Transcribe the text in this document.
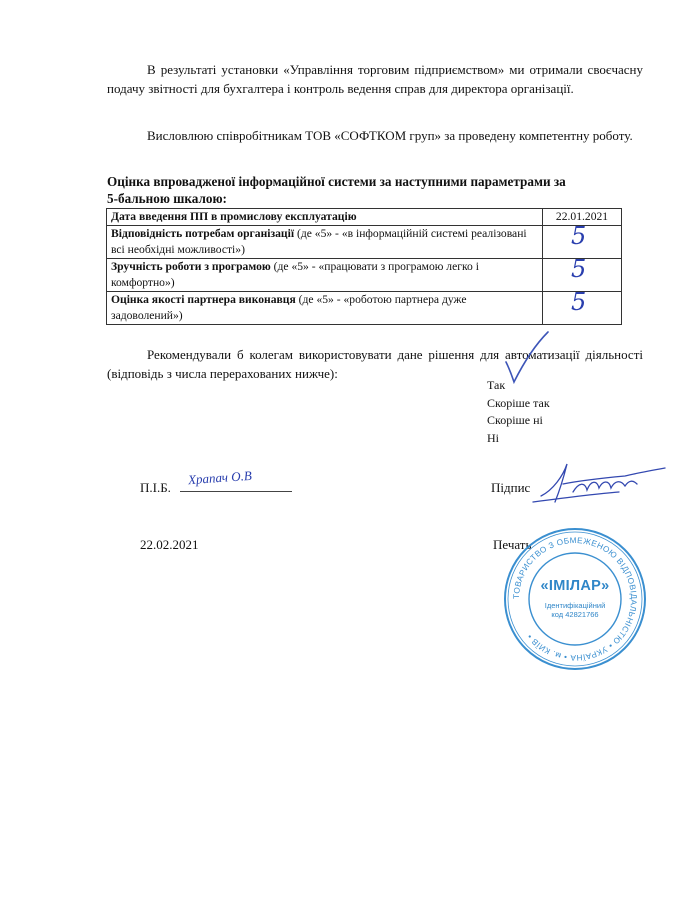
В результаті установки «Управління торговим підприємством» ми отримали своєчасну подачу звітності для бухгалтера і контроль ведення справ для директора організації.

Висловлюю співробітникам ТОВ «СОФТКОМ груп» за проведену компетентну роботу.

Оцінка впровадженої інформаційної системи за наступними параметрами за
5-бальною шкалою:
Дата введення ПП в промислову експлуатацію	22.01.2021
Відповідність потребам організації (де «5» - «в інформаційній системі реалізовані всі необхідні можливості»)	5

Зручність роботи з програмою (де «5» - «працювати з програмою легко і комфортно»)	5

Оцінка якості партнера виконавця (де «5» - «роботою партнера дуже задоволений»)	5

Рекомендували б колегам використовувати дане рішення для автоматизації діяльності (відповідь з числа перерахованих нижче):

Так
Скоріше так
Скоріше ні
Ні
П.І.Б.
Храпач О.В
Підпис
22.02.2021	Печать
ТОВАРИСТВО З ОБМЕЖЕНОЮ ВІДПОВІДАЛЬНІСТЮ • УКРАЇНА • м. КИЇВ •
«ІМІЛАР»
Ідентифікаційний
код 42821766
